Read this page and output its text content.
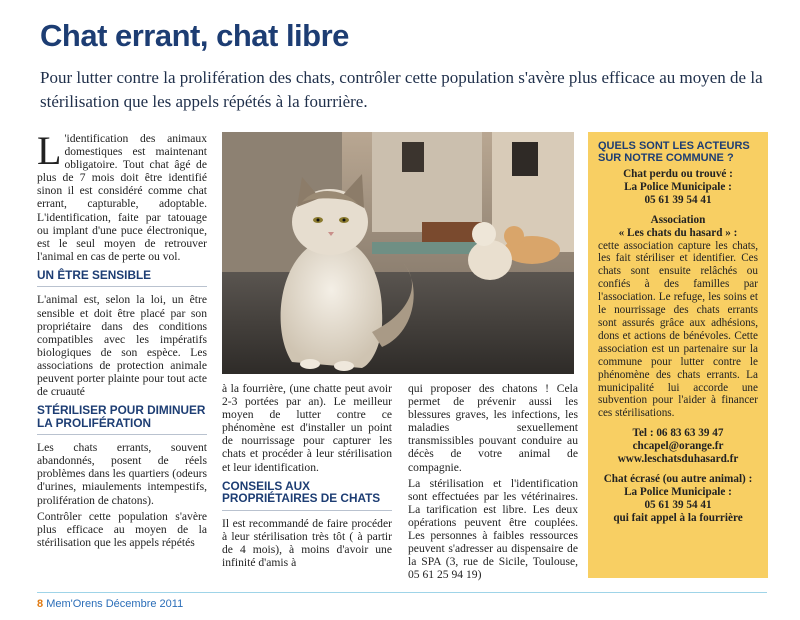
Chat errant, chat libre

Pour lutter contre la prolifération des chats, contrôler cette population s'avère plus efficace au moyen de la stérilisation que les appels répétés à la fourrière.

L 'identification des animaux domestiques est maintenant obligatoire. Tout chat âgé de plus de 7 mois doit être identifié sinon il est considéré comme chat errant, capturable, adoptable. L'identification, faite par tatouage ou implant d'une puce électronique, est le seul moyen de retrouver l'animal en cas de perte ou vol.

UN ÊTRE SENSIBLE

L'animal est, selon la loi, un être sensible et doit être placé par son propriétaire dans des conditions compatibles avec les impératifs biologiques de son espèce. Les associations de protection animale peuvent porter plainte pour tout acte de cruauté

STÉRILISER POUR DIMINUER LA PROLIFÉRATION

Les chats errants, souvent abandonnés, posent de réels problèmes dans les quartiers (odeurs d'urines, miaulements intempestifs, prolifération de chatons).

Contrôler cette population s'avère plus efficace au moyen de la stérilisation que les appels répétés

à la fourrière, (une chatte peut avoir 2-3 portées par an). Le meilleur moyen de lutter contre ce phénomène est d'installer un point de nourrissage pour capturer les chats et procéder à leur stérilisation et leur identification.

CONSEILS AUX PROPRIÉTAIRES DE CHATS

Il est recommandé de faire procéder à leur stérilisation très tôt ( à partir de 4 mois), à moins d'avoir une infinité d'amis à

qui proposer des chatons ! Cela permet de prévenir aussi les blessures graves, les infections, les maladies sexuellement transmissibles pouvant conduire au décès de votre animal de compagnie.

La stérilisation et l'identification sont effectuées par les vétérinaires. La tarification est libre. Les deux opérations peuvent être couplées. Les personnes à faibles ressources peuvent s'adresser au dispensaire de la SPA (3, rue de Sicile, Toulouse, 05 61 25 94 19)

QUELS SONT LES ACTEURS SUR NOTRE COMMUNE ?
Chat perdu ou trouvé :
La Police Municipale :
05 61 39 54 41
Association
« Les chats du hasard » :
cette association capture les chats, les fait stériliser et identifier. Ces chats sont ensuite relâchés ou confiés à des familles par l'association. Le refuge, les soins et le nourrissage des chats errants sont assurés grâce aux adhésions, dons et actions de bénévoles. Cette association est un partenaire sur la commune pour lutter contre le phénomène des chats errants. La municipalité lui accorde une subvention pour l'aider à financer ces stérilisations.
Tel : 06 83 63 39 47
chcapel@orange.fr
www.leschatsduhasard.fr
Chat écrasé (ou autre animal) :
La Police Municipale :
05 61 39 54 41
qui fait appel à la fourrière
8 Mem'Orens Décembre 2011
